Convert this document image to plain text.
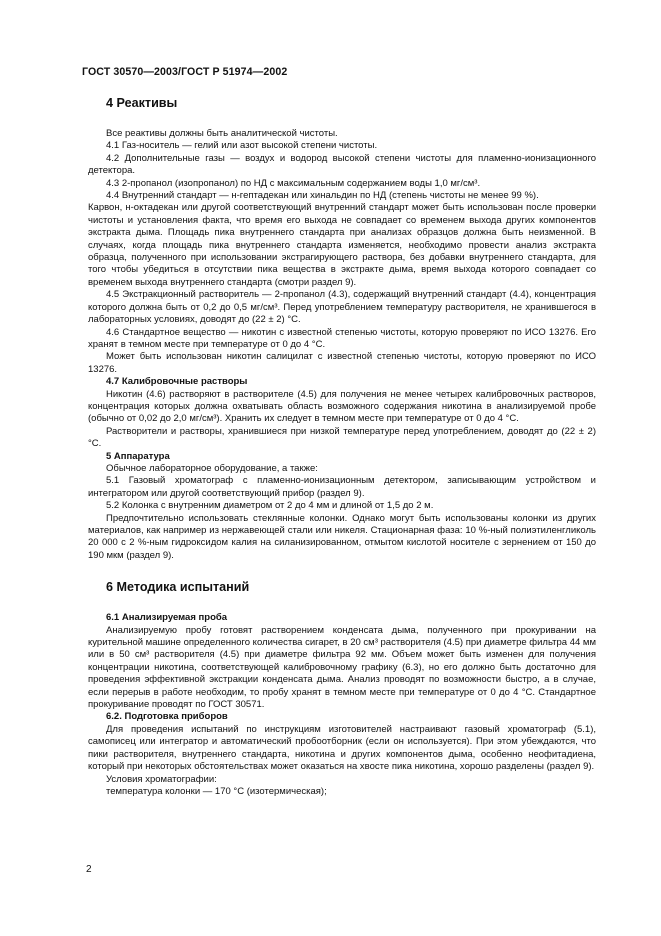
ГОСТ 30570—2003/ГОСТ Р 51974—2002

4 Реактивы

Все реактивы должны быть аналитической чистоты.

4.1 Газ-носитель — гелий или азот высокой степени чистоты.

4.2 Дополнительные газы — воздух и водород высокой степени чистоты для пламенно-ионизационного детектора.

4.3 2-пропанол (изопропанол) по НД с максимальным содержанием воды 1,0 мг/см³.

4.4 Внутренний стандарт — н-гептадекан или хинальдин по НД (степень чистоты не менее 99 %).

Карвон, н-октадекан или другой соответствующий внутренний стандарт может быть использован после проверки чистоты и установления факта, что время его выхода не совпадает со временем выхода других компонентов экстракта дыма. Площадь пика внутреннего стандарта при анализах образцов должна быть неизменной. В случаях, когда площадь пика внутреннего стандарта изменяется, необходимо провести анализ экстракта образца, полученного при использовании экстрагирующего раствора, без добавки внутреннего стандарта, для того чтобы убедиться в отсутствии пика вещества в экстракте дыма, время выхода которого совпадает со временем выхода внутреннего стандарта (смотри раздел 9).

4.5 Экстракционный растворитель — 2-пропанол (4.3), содержащий внутренний стандарт (4.4), концентрация которого должна быть от 0,2 до 0,5 мг/см³. Перед употреблением температуру растворителя, не хранившегося в лабораторных условиях, доводят до (22 ± 2) °С.

4.6 Стандартное вещество — никотин с известной степенью чистоты, которую проверяют по ИСО 13276. Его хранят в темном месте при температуре от 0 до 4 °С.

Может быть использован никотин салицилат с известной степенью чистоты, которую проверяют по ИСО 13276.

4.7 Калибровочные растворы

Никотин (4.6) растворяют в растворителе (4.5) для получения не менее четырех калибровочных растворов, концентрация которых должна охватывать область возможного содержания никотина в анализируемой пробе (обычно от 0,02 до 2,0 мг/см³). Хранить их следует в темном месте при температуре от 0 до 4 °С.

Растворители и растворы, хранившиеся при низкой температуре перед употреблением, доводят до (22 ± 2) °С.

5 Аппаратура

Обычное лабораторное оборудование, а также:

5.1 Газовый хроматограф с пламенно-ионизационным детектором, записывающим устройством и интегратором или другой соответствующий прибор (раздел 9).

5.2 Колонка с внутренним диаметром от 2 до 4 мм и длиной от 1,5 до 2 м.

Предпочтительно использовать стеклянные колонки. Однако могут быть использованы колонки из других материалов, как например из нержавеющей стали или никеля. Стационарная фаза: 10 %-ный полиэтиленгликоль 20 000 с 2 %-ным гидроксидом калия на силанизированном, отмытом кислотой носителе с зернением от 150 до 190 мкм (раздел 9).

6 Методика испытаний

6.1 Анализируемая проба

Анализируемую пробу готовят растворением конденсата дыма, полученного при прокуривании на курительной машине определенного количества сигарет, в 20 см³ растворителя (4.5) при диаметре фильтра 44 мм или в 50 см³ растворителя (4.5) при диаметре фильтра 92 мм. Объем может быть изменен для получения концентрации никотина, соответствующей калибровочному графику (6.3), но его должно быть достаточно для проведения эффективной экстракции конденсата дыма. Анализ проводят по возможности быстро, а в случае, если перерыв в работе необходим, то пробу хранят в темном месте при температуре от 0 до 4 °С. Стандартное прокуривание проводят по ГОСТ 30571.

6.2. Подготовка приборов

Для проведения испытаний по инструкциям изготовителей настраивают газовый хроматограф (5.1), самописец или интегратор и автоматический пробоотборник (если он используется). При этом убеждаются, что пики растворителя, внутреннего стандарта, никотина и других компонентов дыма, особенно неофитадиена, который при некоторых обстоятельствах может оказаться на хвосте пика никотина, хорошо разделены (раздел 9).

Условия хроматографии:

температура колонки — 170 °С (изотермическая);

2
